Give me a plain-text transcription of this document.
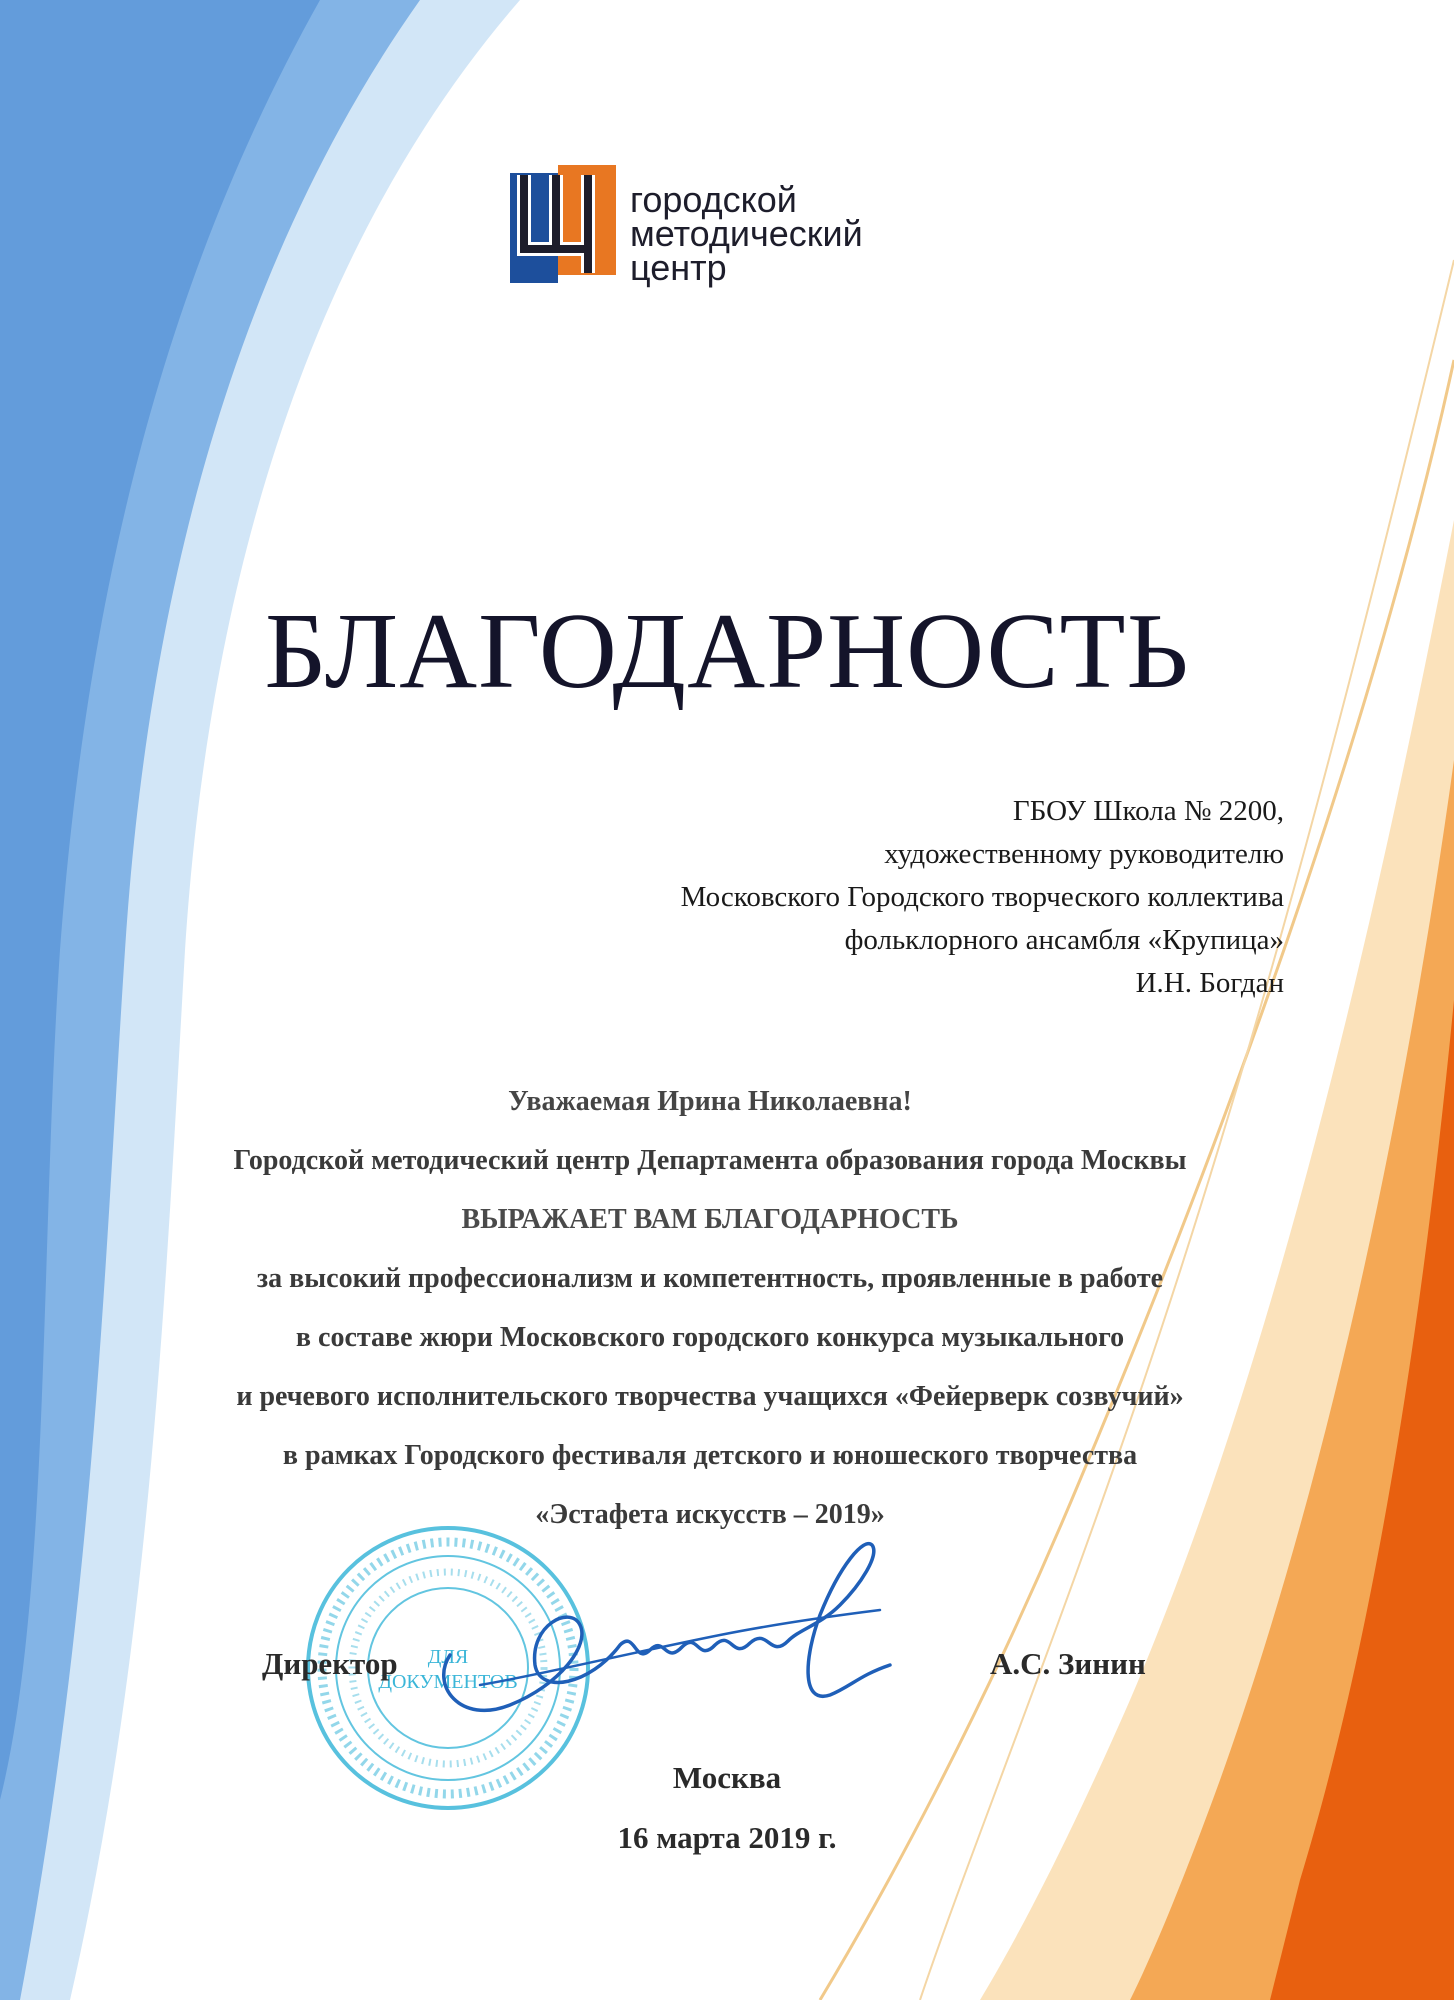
городской
методический
центр
БЛАГОДАРНОСТЬ
ГБОУ Школа № 2200,
художественному руководителю
Московского Городского творческого коллектива
фольклорного ансамбля «Крупица»
И.Н. Богдан
Уважаемая Ирина Николаевна!
Городской методический центр Департамента образования города Москвы
ВЫРАЖАЕТ ВАМ БЛАГОДАРНОСТЬ
за высокий профессионализм и компетентность, проявленные в работе
в составе жюри Московского городского конкурса музыкального
и речевого исполнительского творчества учащихся «Фейерверк созвучий»
в рамках Городского фестиваля детского и юношеского творчества
«Эстафета искусств – 2019»
ДЛЯ
ДОКУМЕНТОВ
Директор	А.С. Зинин
Москва
16 марта 2019 г.
